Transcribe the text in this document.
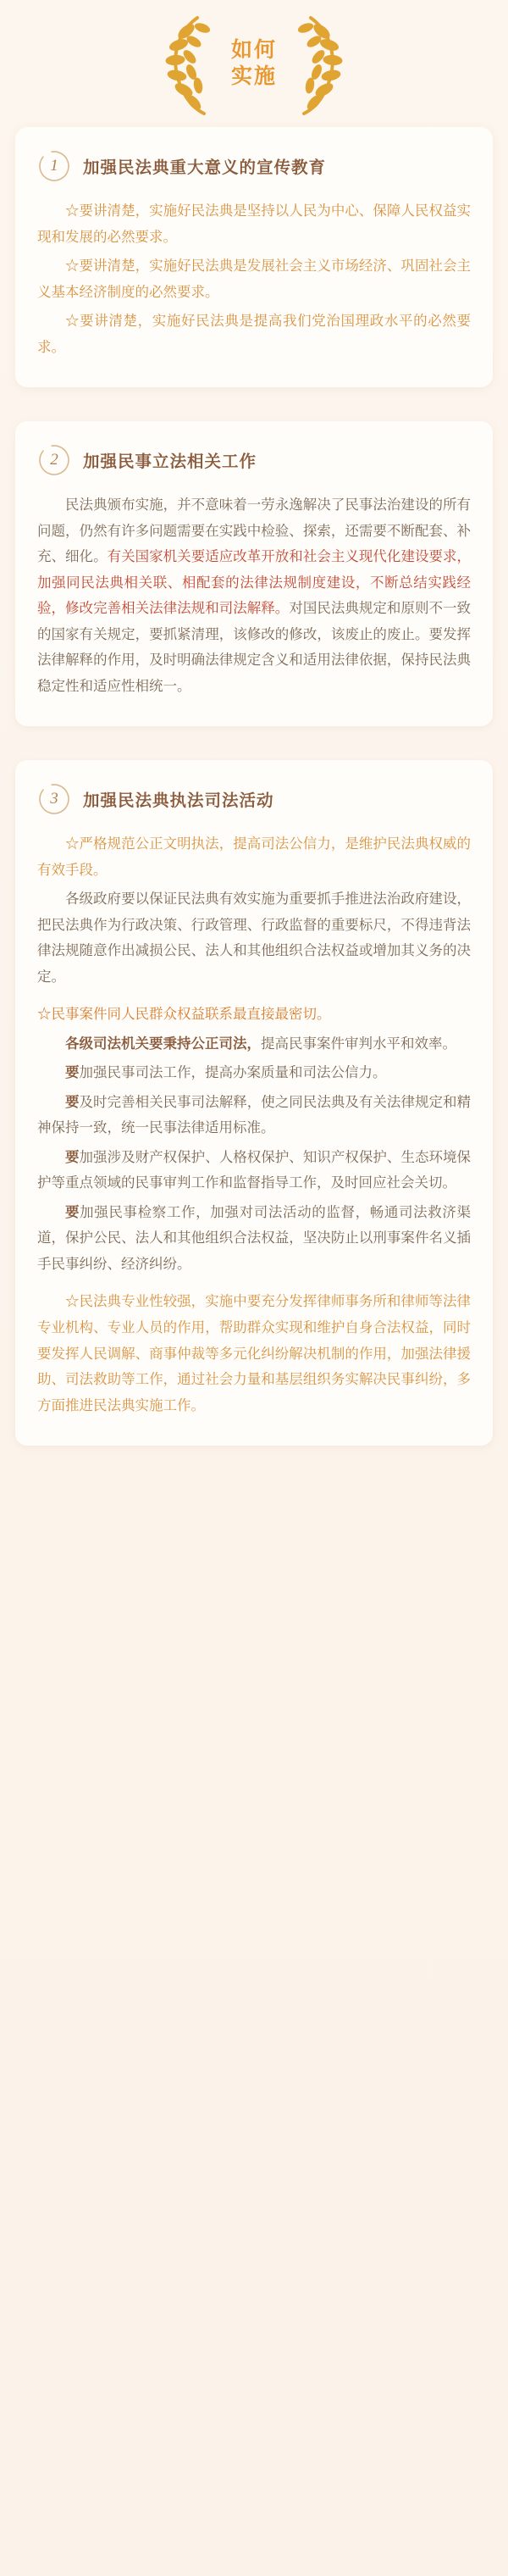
如何
实施
1	加强民法典重大意义的宣传教育

☆要讲清楚，实施好民法典是坚持以人民为中心、保障人民权益实现和发展的必然要求。

☆要讲清楚，实施好民法典是发展社会主义市场经济、巩固社会主义基本经济制度的必然要求。

☆要讲清楚，实施好民法典是提高我们党治国理政水平的必然要求。

2	加强民事立法相关工作

民法典颁布实施，并不意味着一劳永逸解决了民事法治建设的所有问题，仍然有许多问题需要在实践中检验、探索，还需要不断配套、补充、细化。有关国家机关要适应改革开放和社会主义现代化建设要求，加强同民法典相关联、相配套的法律法规制度建设，不断总结实践经验，修改完善相关法律法规和司法解释。对国民法典规定和原则不一致的国家有关规定，要抓紧清理，该修改的修改，该废止的废止。要发挥法律解释的作用，及时明确法律规定含义和适用法律依据，保持民法典稳定性和适应性相统一。

3	加强民法典执法司法活动

☆严格规范公正文明执法，提高司法公信力，是维护民法典权威的有效手段。

各级政府要以保证民法典有效实施为重要抓手推进法治政府建设，把民法典作为行政决策、行政管理、行政监督的重要标尺，不得违背法律法规随意作出减损公民、法人和其他组织合法权益或增加其义务的决定。

☆民事案件同人民群众权益联系最直接最密切。

各级司法机关要秉持公正司法，提高民事案件审判水平和效率。

要加强民事司法工作，提高办案质量和司法公信力。

要及时完善相关民事司法解释，使之同民法典及有关法律规定和精神保持一致，统一民事法律适用标准。

要加强涉及财产权保护、人格权保护、知识产权保护、生态环境保护等重点领域的民事审判工作和监督指导工作，及时回应社会关切。

要加强民事检察工作，加强对司法活动的监督，畅通司法救济渠道，保护公民、法人和其他组织合法权益，坚决防止以刑事案件名义插手民事纠纷、经济纠纷。

☆民法典专业性较强，实施中要充分发挥律师事务所和律师等法律专业机构、专业人员的作用，帮助群众实现和维护自身合法权益，同时要发挥人民调解、商事仲裁等多元化纠纷解决机制的作用，加强法律援助、司法救助等工作，通过社会力量和基层组织务实解决民事纠纷，多方面推进民法典实施工作。
